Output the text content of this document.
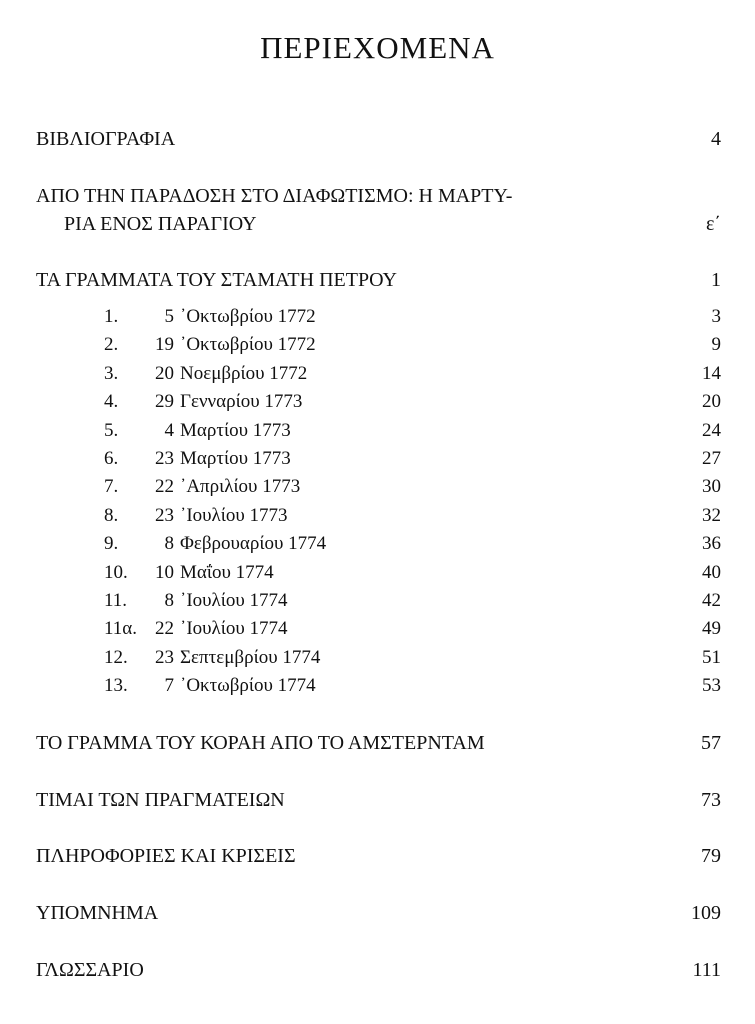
ΠΕΡΙΕΧΟΜΕΝΑ
ΒΙΒΛΙΟΓΡΑΦΙΑ	4
ΑΠΟ ΤΗΝ ΠΑΡΑΔΟΣΗ ΣΤΟ ΔΙΑΦΩΤΙΣΜΟ: Η ΜΑΡΤΥ-
ΡΙΑ ΕΝΟΣ ΠΑΡΑΓΙΟΥ	ε΄
ΤΑ ΓΡΑΜΜΑΤΑ ΤΟΥ ΣΤΑΜΑΤΗ ΠΕΤΡΟΥ	1
1.	5 ᾿Οκτωβρίου 1772	3
2.	19 ᾿Οκτωβρίου 1772	9
3.	20 Νοεμβρίου 1772	14
4.	29 Γενναρίου 1773	20
5.	4 Μαρτίου 1773	24
6.	23 Μαρτίου 1773	27
7.	22 ᾿Απριλίου 1773	30
8.	23 ᾿Ιουλίου 1773	32
9.	8 Φεβρουαρίου 1774	36
10.	10 Μαΐου 1774	40
11.	8 ᾿Ιουλίου 1774	42
11α. 22 ᾿Ιουλίου 1774	49
12.	23 Σεπτεμβρίου 1774	51
13.	7 ᾿Οκτωβρίου 1774	53
ΤΟ ΓΡΑΜΜΑ ΤΟΥ ΚΟΡΑΗ ΑΠΟ ΤΟ ΑΜΣΤΕΡΝΤΑΜ	57
ΤΙΜΑΙ ΤΩΝ ΠΡΑΓΜΑΤΕΙΩΝ	73
ΠΛΗΡΟΦΟΡΙΕΣ ΚΑΙ ΚΡΙΣΕΙΣ	79
ΥΠΟΜΝΗΜΑ	109
ΓΛΩΣΣΑΡΙΟ	111
